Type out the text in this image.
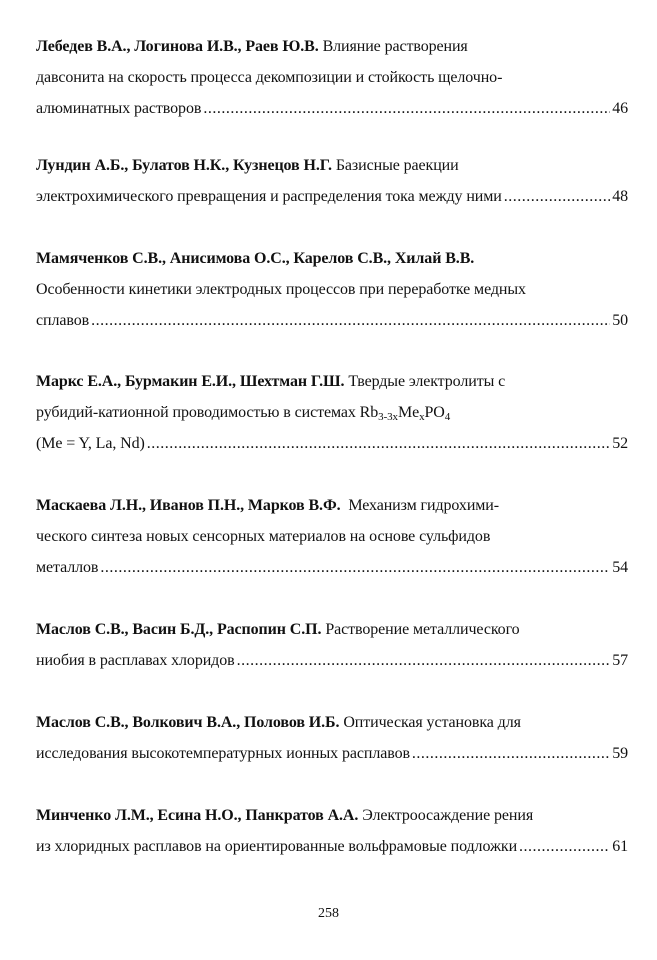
Лебедев В.А., Логинова И.В., Раев Ю.В. Влияние растворения
давсонита на скорость процесса декомпозиции и стойкость щелочно-
алюминатных растворов .....	46
Лундин А.Б., Булатов Н.К., Кузнецов Н.Г. Базисные раекции
электрохимического превращения и распределения тока между ними .....	48
Мамяченков С.В., Анисимова О.С., Карелов С.В., Хилай В.В.
Особенности кинетики электродных процессов при переработке медных
сплавов .....	50
Маркс Е.А., Бурмакин Е.И., Шехтман Г.Ш. Твердые электролиты с
рубидий-катионной проводимостью в системах $Rb_{3-3x}Me_xPO_4$
(Me = Y, La, Nd) .....	52
Маскаева Л.Н., Иванов П.Н., Марков В.Ф. Механизм гидрохими-
ческого синтеза новых сенсорных материалов на основе сульфидов
металлов .....	54
Маслов С.В., Васин Б.Д., Распопин С.П. Растворение металлического
ниобия в расплавах хлоридов .....	57
Маслов С.В., Волкович В.А., Половов И.Б. Оптическая установка для
исследования высокотемпературных ионных расплавов .....	59
Минченко Л.М., Есина Н.О., Панкратов А.А. Электроосаждение рения
из хлоридных расплавов на ориентированные вольфрамовые подложки .....	61
258
